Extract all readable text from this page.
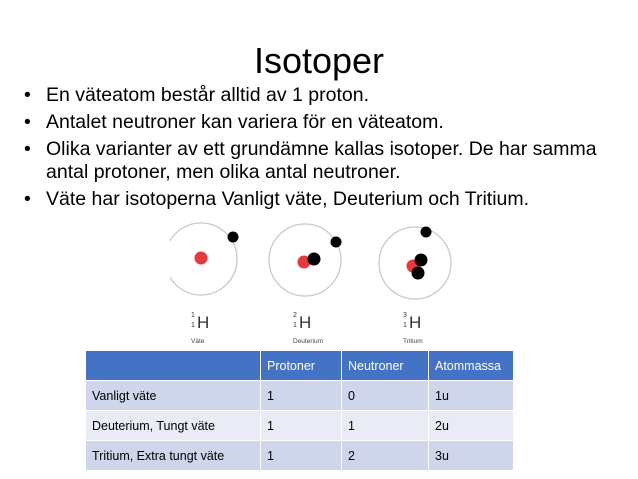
Isotoper
• En väteatom består alltid av 1 proton.
• Antalet neutroner kan variera för en väteatom.
• Olika varianter av ett grundämne kallas isotoper. De har samma antal protoner, men olika antal neutroner.
• Väte har isotoperna Vanligt väte, Deuterium och Tritium.
1
1 H
Väte
2
1 H
Deuterium
3
1 H
Tritium
	Protoner	Neutroner	Atommassa
Vanligt väte	1	0	1u
Deuterium, Tungt väte	1	1	2u
Tritium, Extra tungt väte	1	2	3u
